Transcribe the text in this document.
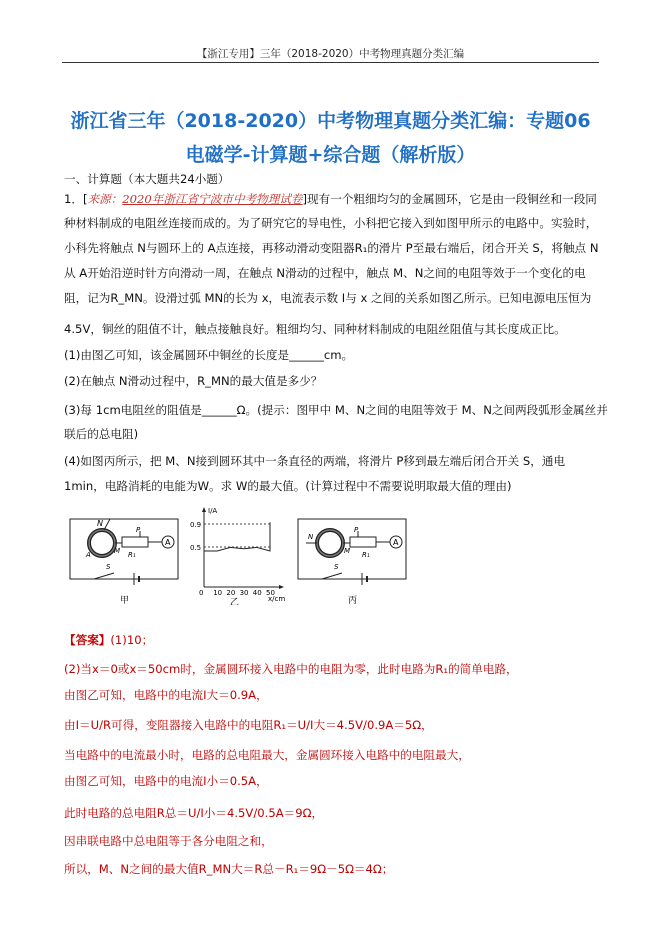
【浙江专用】三年（2018-2020）中考物理真题分类汇编
浙江省三年（2018-2020）中考物理真题分类汇编：专题06
电磁学-计算题+综合题（解析版）
一、计算题（本大题共24小题）
1．[来源：2020年浙江省宁波市中考物理试卷]现有一个粗细均匀的金属圆环，它是由一段铜丝和一段同
种材料制成的电阻丝连接而成的。为了研究它的导电性，小科把它接入到如图甲所示的电路中。实验时，
小科先将触点 N与圆环上的 A点连接，再移动滑动变阻器R₁的滑片 P至最右端后，闭合开关 S，将触点 N
从 A开始沿逆时针方向滑动一周，在触点 N滑动的过程中，触点 M、N之间的电阻等效于一个变化的电
阻，记为R_MN。设滑过弧 MN的长为 x，电流表示数 I与 x 之间的关系如图乙所示。已知电源电压恒为
4.5V，铜丝的阻值不计，触点接触良好。粗细均匀、同种材料制成的电阻丝阻值与其长度成正比。
(1)由图乙可知，该金属圆环中铜丝的长度是______cm。
(2)在触点 N滑动过程中，R_MN的最大值是多少？
(3)每 1cm电阻丝的阻值是______Ω。(提示：图甲中 M、N之间的电阻等效于 M、N之间两段弧形金属丝并
联后的总电阻)
(4)如图丙所示，把 M、N接到圆环其中一条直径的两端，将滑片 P移到最左端后闭合开关 S，通电
1min，电路消耗的电能为W。求 W的最大值。(计算过程中不需要说明取最大值的理由)
A
N
A	M
P
R₁
S
甲
I/A
x/cm
0.9
0.5
0 10 20 30 40 50
乙
A
N
M
P
R₁
S
丙
【答案】(1)10；
(2)当x＝0或x＝50cm时，金属圆环接入电路中的电阻为零，此时电路为R₁的简单电路，
由图乙可知，电路中的电流I大＝0.9A，
由I＝U/R可得，变阻器接入电路中的电阻R₁＝U/I大＝4.5V/0.9A＝5Ω，
当电路中的电流最小时，电路的总电阻最大，金属圆环接入电路中的电阻最大，
由图乙可知，电路中的电流I小＝0.5A，
此时电路的总电阻R总＝U/I小＝4.5V/0.5A＝9Ω，
因串联电路中总电阻等于各分电阻之和，
所以，M、N之间的最大值R_MN大＝R总－R₁＝9Ω－5Ω＝4Ω；
